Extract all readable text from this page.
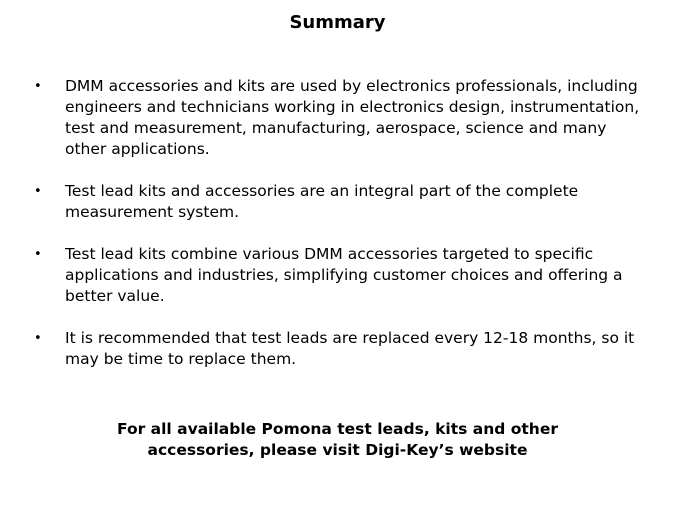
Summary
• DMM accessories and kits are used by electronics professionals, including engineers and technicians working in electronics design, instrumentation, test and measurement, manufacturing, aerospace, science and many other applications.
• Test lead kits and accessories are an integral part of the complete measurement system.
• Test lead kits combine various DMM accessories targeted to specific applications and industries, simplifying customer choices and offering a better value.
• It is recommended that test leads are replaced every 12-18 months, so it may be time to replace them.
For all available Pomona test leads, kits and other
accessories, please visit Digi-Key’s website
